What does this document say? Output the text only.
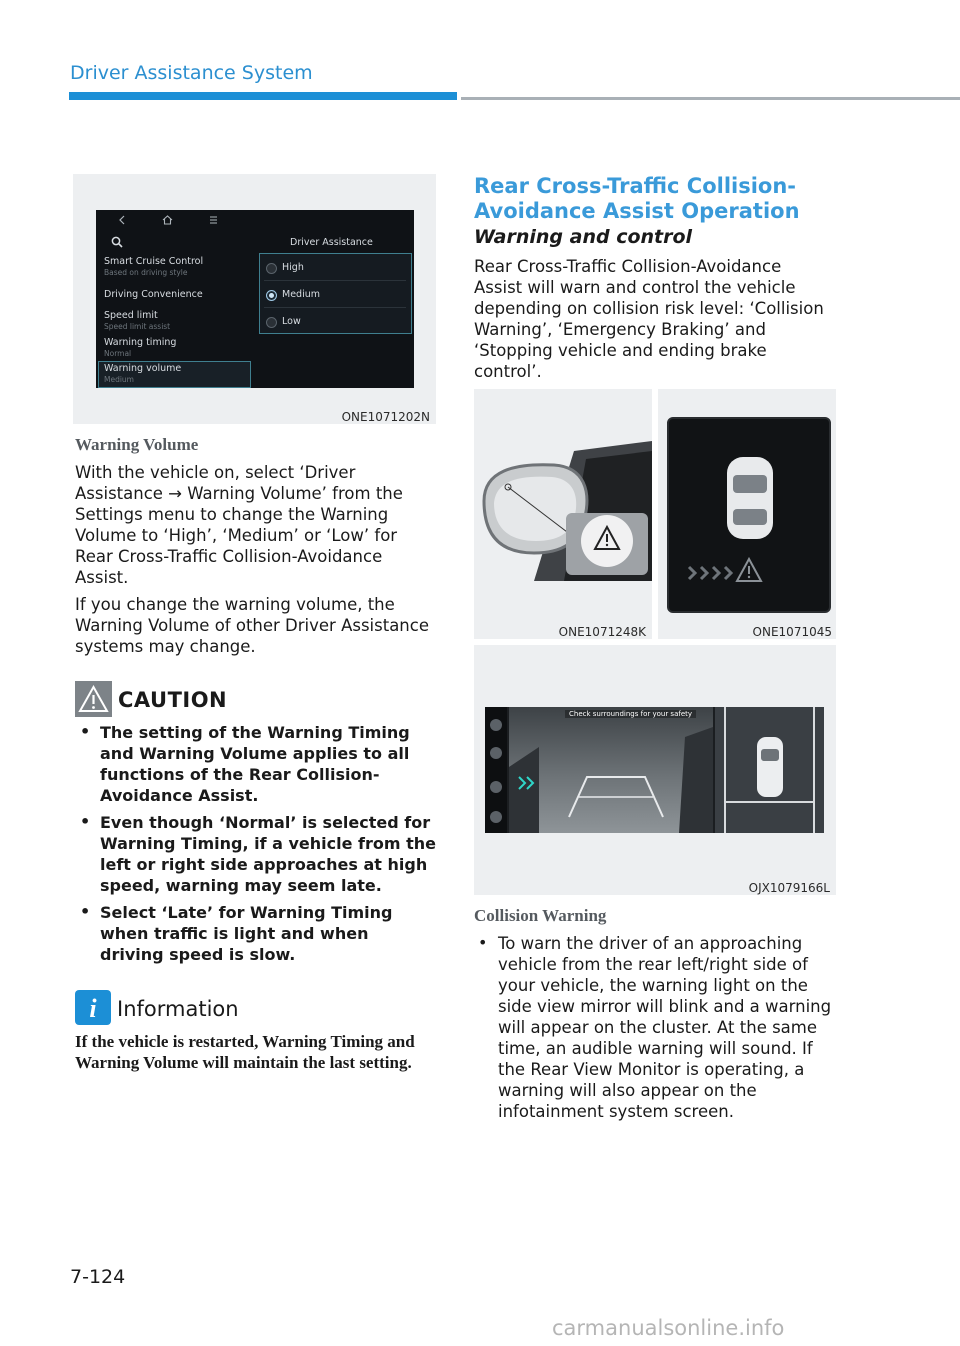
Driver Assistance System
Driver Assistance
Smart Cruise Control
Based on driving style
Driving Convenience
Speed limit
Speed limit assist
Warning timing
Normal
Warning volume
Medium
High
Medium
Low
ONE1071202N
Warning Volume
With the vehicle on, select ‘Driver Assistance → Warning Volume’ from the Settings menu to change the Warning Volume to ‘High’, ‘Medium’ or ‘Low’ for Rear Cross-Traffic Collision-Avoidance Assist.
If you change the warning volume, the Warning Volume of other Driver Assistance systems may change.
CAUTION
• The setting of the Warning Timing and Warning Volume applies to all functions of the Rear Collision-Avoidance Assist.
• Even though ‘Normal’ is selected for Warning Timing, if a vehicle from the left or right side approaches at high speed, warning may seem late.
• Select ‘Late’ for Warning Timing when traffic is light and when driving speed is slow.
i Information
If the vehicle is restarted, Warning Timing and Warning Volume will maintain the last setting.
Rear Cross-Traffic Collision-
Avoidance Assist Operation
Warning and control
Rear Cross-Traffic Collision-Avoidance Assist will warn and control the vehicle depending on collision risk level: ‘Collision Warning’, ‘Emergency Braking’ and ‘Stopping vehicle and ending brake control’.
ONE1071248K	ONE1071045
Check surroundings for your safety
OJX1079166L
Collision Warning
• To warn the driver of an approaching vehicle from the rear left/right side of your vehicle, the warning light on the side view mirror will blink and a warning will appear on the cluster. At the same time, an audible warning will sound. If the Rear View Monitor is operating, a warning will also appear on the infotainment system screen.
7-124
carmanualsonline.info
